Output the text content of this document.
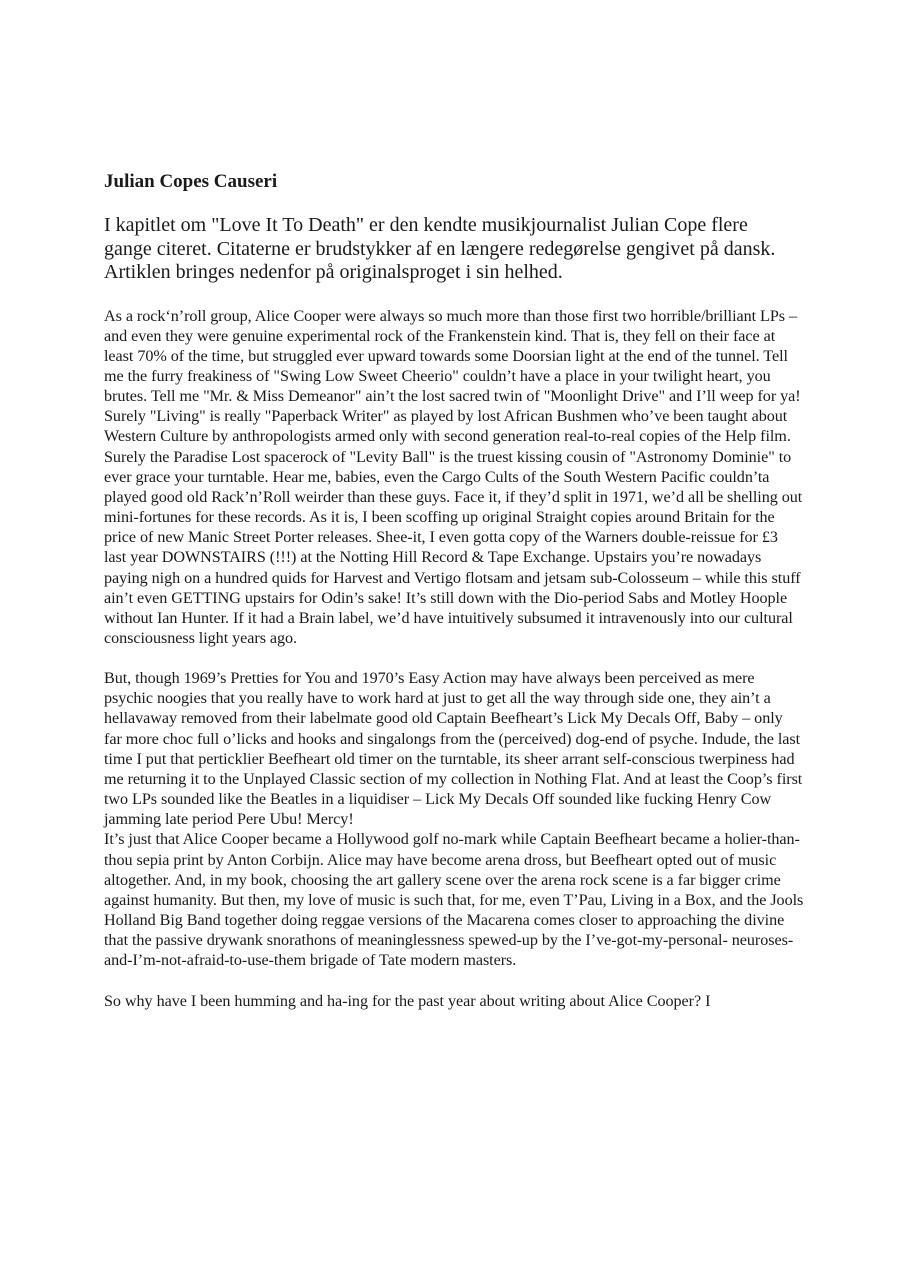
Julian Copes Causeri

I kapitlet om "Love It To Death" er den kendte musikjournalist Julian Cope flere gange citeret. Citaterne er brudstykker af en længere redegørelse gengivet på dansk. Artiklen bringes nedenfor på originalsproget i sin helhed.

As a rock‘n’roll group, Alice Cooper were always so much more than those first two horrible/brilliant LPs – and even they were genuine experimental rock of the Frankenstein kind. That is, they fell on their face at least 70% of the time, but struggled ever upward towards some Doorsian light at the end of the tunnel. Tell me the furry freakiness of "Swing Low Sweet Cheerio" couldn’t have a place in your twilight heart, you brutes. Tell me "Mr. & Miss Demeanor" ain’t the lost sacred twin of "Moonlight Drive" and I’ll weep for ya! Surely "Living" is really "Paperback Writer" as played by lost African Bushmen who’ve been taught about Western Culture by anthropologists armed only with second generation real-to-real copies of the Help film. Surely the Paradise Lost spacerock of "Levity Ball" is the truest kissing cousin of "Astronomy Dominie" to ever grace your turntable. Hear me, babies, even the Cargo Cults of the South Western Pacific couldn’ta played good old Rack’n’Roll weirder than these guys. Face it, if they’d split in 1971, we’d all be shelling out mini-fortunes for these records. As it is, I been scoffing up original Straight copies around Britain for the price of new Manic Street Porter releases. Shee-it, I even gotta copy of the Warners double-reissue for £3 last year DOWNSTAIRS (!!!) at the Notting Hill Record & Tape Exchange. Upstairs you’re nowadays paying nigh on a hundred quids for Harvest and Vertigo flotsam and jetsam sub-Colosseum – while this stuff ain’t even GETTING upstairs for Odin’s sake! It’s still down with the Dio-period Sabs and Motley Hoople without Ian Hunter. If it had a Brain label, we’d have intuitively subsumed it intravenously into our cultural consciousness light years ago.

But, though 1969’s Pretties for You and 1970’s Easy Action may have always been perceived as mere psychic noogies that you really have to work hard at just to get all the way through side one, they ain’t a hellavaway removed from their labelmate good old Captain Beefheart’s Lick My Decals Off, Baby – only far more choc full o’licks and hooks and singalongs from the (perceived) dog-end of psyche. Indude, the last time I put that perticklier Beefheart old timer on the turntable, its sheer arrant self-conscious twerpiness had me returning it to the Unplayed Classic section of my collection in Nothing Flat. And at least the Coop’s first two LPs sounded like the Beatles in a liquidiser – Lick My Decals Off sounded like fucking Henry Cow jamming late period Pere Ubu! Mercy!

It’s just that Alice Cooper became a Hollywood golf no-mark while Captain Beefheart became a holier-than-thou sepia print by Anton Corbijn. Alice may have become arena dross, but Beefheart opted out of music altogether. And, in my book, choosing the art gallery scene over the arena rock scene is a far bigger crime against humanity. But then, my love of music is such that, for me, even T’Pau, Living in a Box, and the Jools Holland Big Band together doing reggae versions of the Macarena comes closer to approaching the divine that the passive drywank snorathons of meaninglessness spewed-up by the I’ve-got-my-personal- neuroses-and-I’m-not-afraid-to-use-them brigade of Tate modern masters.

So why have I been humming and ha-ing for the past year about writing about Alice Cooper? I
